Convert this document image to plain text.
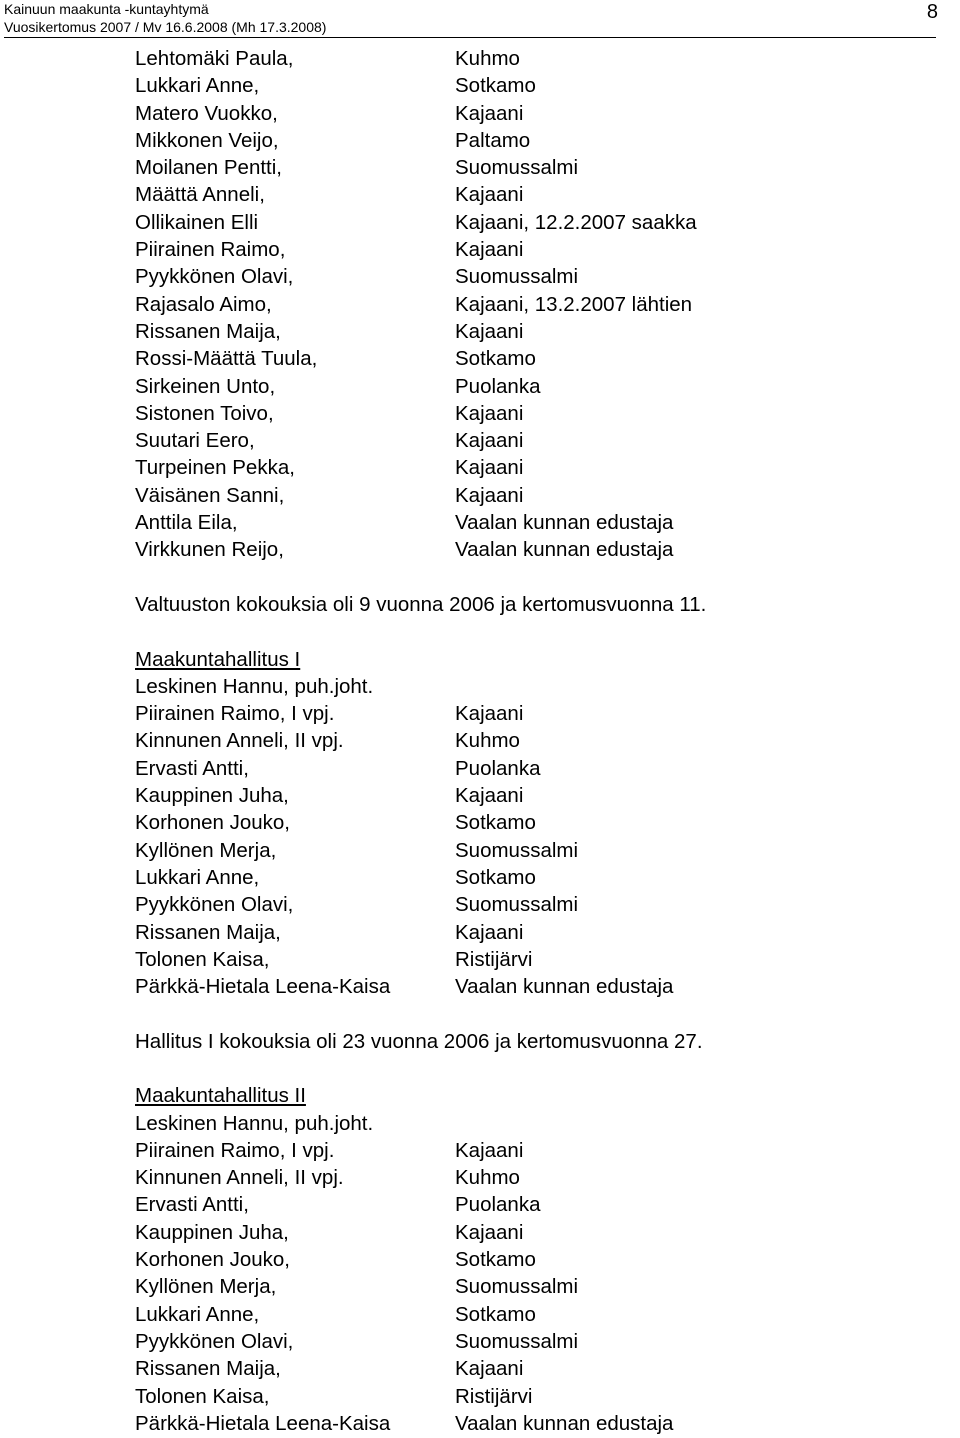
Kainuun maakunta -kuntayhtymä
Vuosikertomus 2007 / Mv 16.6.2008 (Mh 17.3.2008)
8
Lehtomäki Paula,	Kuhmo
Lukkari Anne,	Sotkamo
Matero Vuokko,	Kajaani
Mikkonen Veijo,	Paltamo
Moilanen Pentti,	Suomussalmi
Määttä Anneli,	Kajaani
Ollikainen Elli	Kajaani, 12.2.2007 saakka
Piirainen Raimo,	Kajaani
Pyykkönen Olavi,	Suomussalmi
Rajasalo Aimo,	Kajaani, 13.2.2007 lähtien
Rissanen Maija,	Kajaani
Rossi-Määttä Tuula,	Sotkamo
Sirkeinen Unto,	Puolanka
Sistonen Toivo,	Kajaani
Suutari Eero,	Kajaani
Turpeinen Pekka,	Kajaani
Väisänen Sanni,	Kajaani
Anttila Eila,	Vaalan kunnan edustaja
Virkkunen Reijo,	Vaalan kunnan edustaja
Valtuuston kokouksia oli 9 vuonna 2006 ja kertomusvuonna 11.
Maakuntahallitus I
Leskinen Hannu, puh.joht.
Piirainen Raimo, I vpj.	Kajaani
Kinnunen Anneli, II vpj.	Kuhmo
Ervasti Antti,	Puolanka
Kauppinen Juha,	Kajaani
Korhonen Jouko,	Sotkamo
Kyllönen Merja,	Suomussalmi
Lukkari Anne,	Sotkamo
Pyykkönen Olavi,	Suomussalmi
Rissanen Maija,	Kajaani
Tolonen Kaisa,	Ristijärvi
Pärkkä-Hietala Leena-Kaisa	Vaalan kunnan edustaja
Hallitus I kokouksia oli 23 vuonna 2006 ja kertomusvuonna 27.
Maakuntahallitus II
Leskinen Hannu, puh.joht.
Piirainen Raimo, I vpj.	Kajaani
Kinnunen Anneli, II vpj.	Kuhmo
Ervasti Antti,	Puolanka
Kauppinen Juha,	Kajaani
Korhonen Jouko,	Sotkamo
Kyllönen Merja,	Suomussalmi
Lukkari Anne,	Sotkamo
Pyykkönen Olavi,	Suomussalmi
Rissanen Maija,	Kajaani
Tolonen Kaisa,	Ristijärvi
Pärkkä-Hietala Leena-Kaisa	Vaalan kunnan edustaja
